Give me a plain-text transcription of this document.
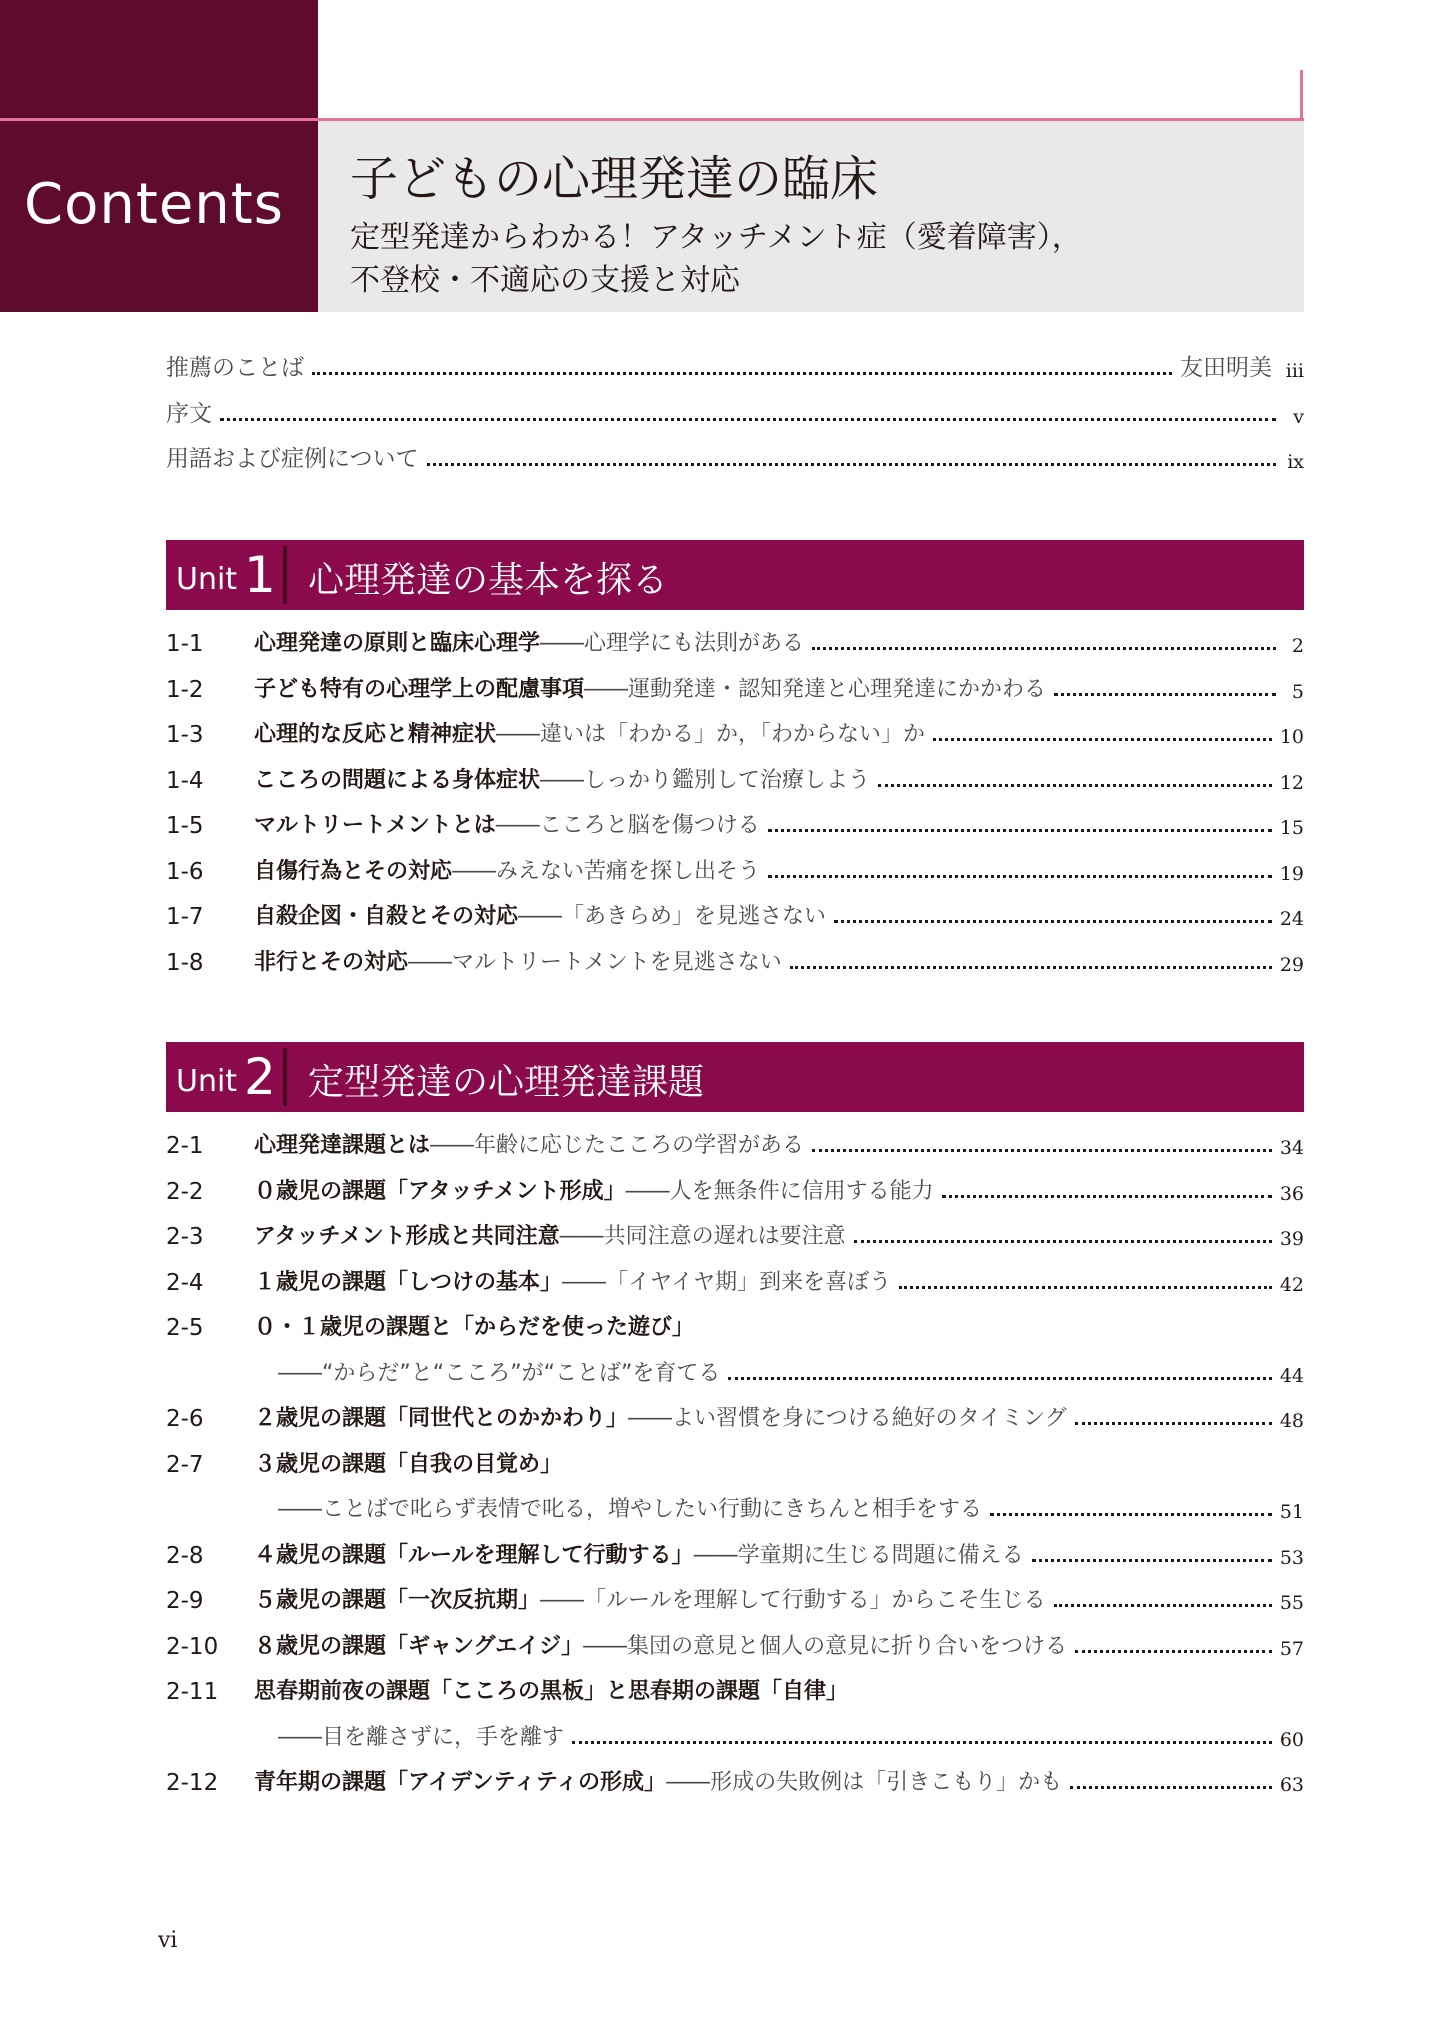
Contents 子どもの心理発達の臨床
定型発達からわかる！アタッチメント症（愛着障害），
不登校・不適応の支援と対応
推薦のことば	友田明美 iii
序文	v
用語および症例について	ix
Unit 1 心理発達の基本を探る
1-1	心理発達の原則と臨床心理学――心理学にも法則がある	2
1-2	子ども特有の心理学上の配慮事項――運動発達・認知発達と心理発達にかかわる	5
1-3	心理的な反応と精神症状――違いは「わかる」か，「わからない」か	10
1-4	こころの問題による身体症状――しっかり鑑別して治療しよう	12
1-5	マルトリートメントとは――こころと脳を傷つける	15
1-6	自傷行為とその対応――みえない苦痛を探し出そう	19
1-7	自殺企図・自殺とその対応――「あきらめ」を見逃さない	24
1-8	非行とその対応――マルトリートメントを見逃さない	29
Unit 2 定型発達の心理発達課題
2-1	心理発達課題とは――年齢に応じたこころの学習がある	34
2-2	０歳児の課題「アタッチメント形成」――人を無条件に信用する能力	36
2-3	アタッチメント形成と共同注意――共同注意の遅れは要注意	39
2-4	１歳児の課題「しつけの基本」――「イヤイヤ期」到来を喜ぼう	42
2-5	０・１歳児の課題と「からだを使った遊び」
――“からだ”と“こころ”が“ことば”を育てる	44
2-6	２歳児の課題「同世代とのかかわり」――よい習慣を身につける絶好のタイミング	48
2-7	３歳児の課題「自我の目覚め」
――ことばで叱らず表情で叱る，増やしたい行動にきちんと相手をする	51
2-8	４歳児の課題「ルールを理解して行動する」――学童期に生じる問題に備える	53
2-9	５歳児の課題「一次反抗期」――「ルールを理解して行動する」からこそ生じる	55
2-10	８歳児の課題「ギャングエイジ」――集団の意見と個人の意見に折り合いをつける	57
2-11	思春期前夜の課題「こころの黒板」と思春期の課題「自律」
――目を離さずに，手を離す	60
2-12	青年期の課題「アイデンティティの形成」――形成の失敗例は「引きこもり」かも	63
vi
